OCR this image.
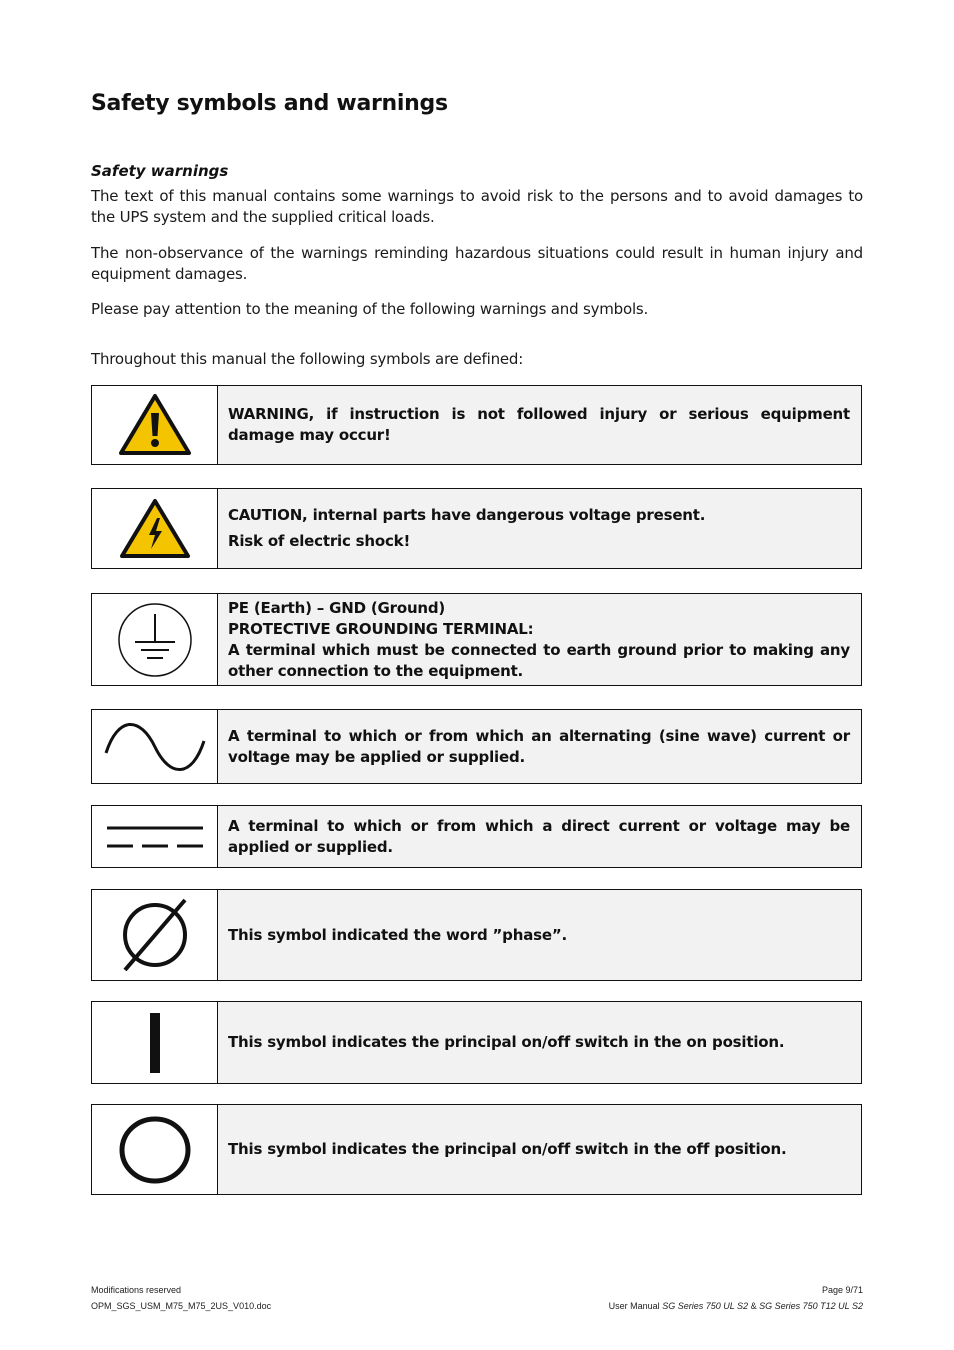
Safety symbols and warnings
Safety warnings

The text of this manual contains some warnings to avoid risk to the persons and to avoid damages to the UPS system and the supplied critical loads.

The non-observance of the warnings reminding hazardous situations could result in human injury and equipment damages.

Please pay attention to the meaning of the following warnings and symbols.

Throughout this manual the following symbols are defined:

WARNING, if instruction is not followed injury or serious equipment damage may occur!
CAUTION, internal parts have dangerous voltage present.
Risk of electric shock!
PE (Earth) – GND (Ground)
PROTECTIVE GROUNDING TERMINAL:
A terminal which must be connected to earth ground prior to making any other connection to the equipment.
A terminal to which or from which an alternating (sine wave) current or voltage may be applied or supplied.
A terminal to which or from which a direct current or voltage may be applied or supplied.
This symbol indicated the word ”phase”.
This symbol indicates the principal on/off switch in the on position.
This symbol indicates the principal on/off switch in the off position.
Modifications reserved	Page 9/71
OPM_SGS_USM_M75_M75_2US_V010.doc	User Manual SG Series 750 UL S2 & SG Series 750 T12 UL S2
